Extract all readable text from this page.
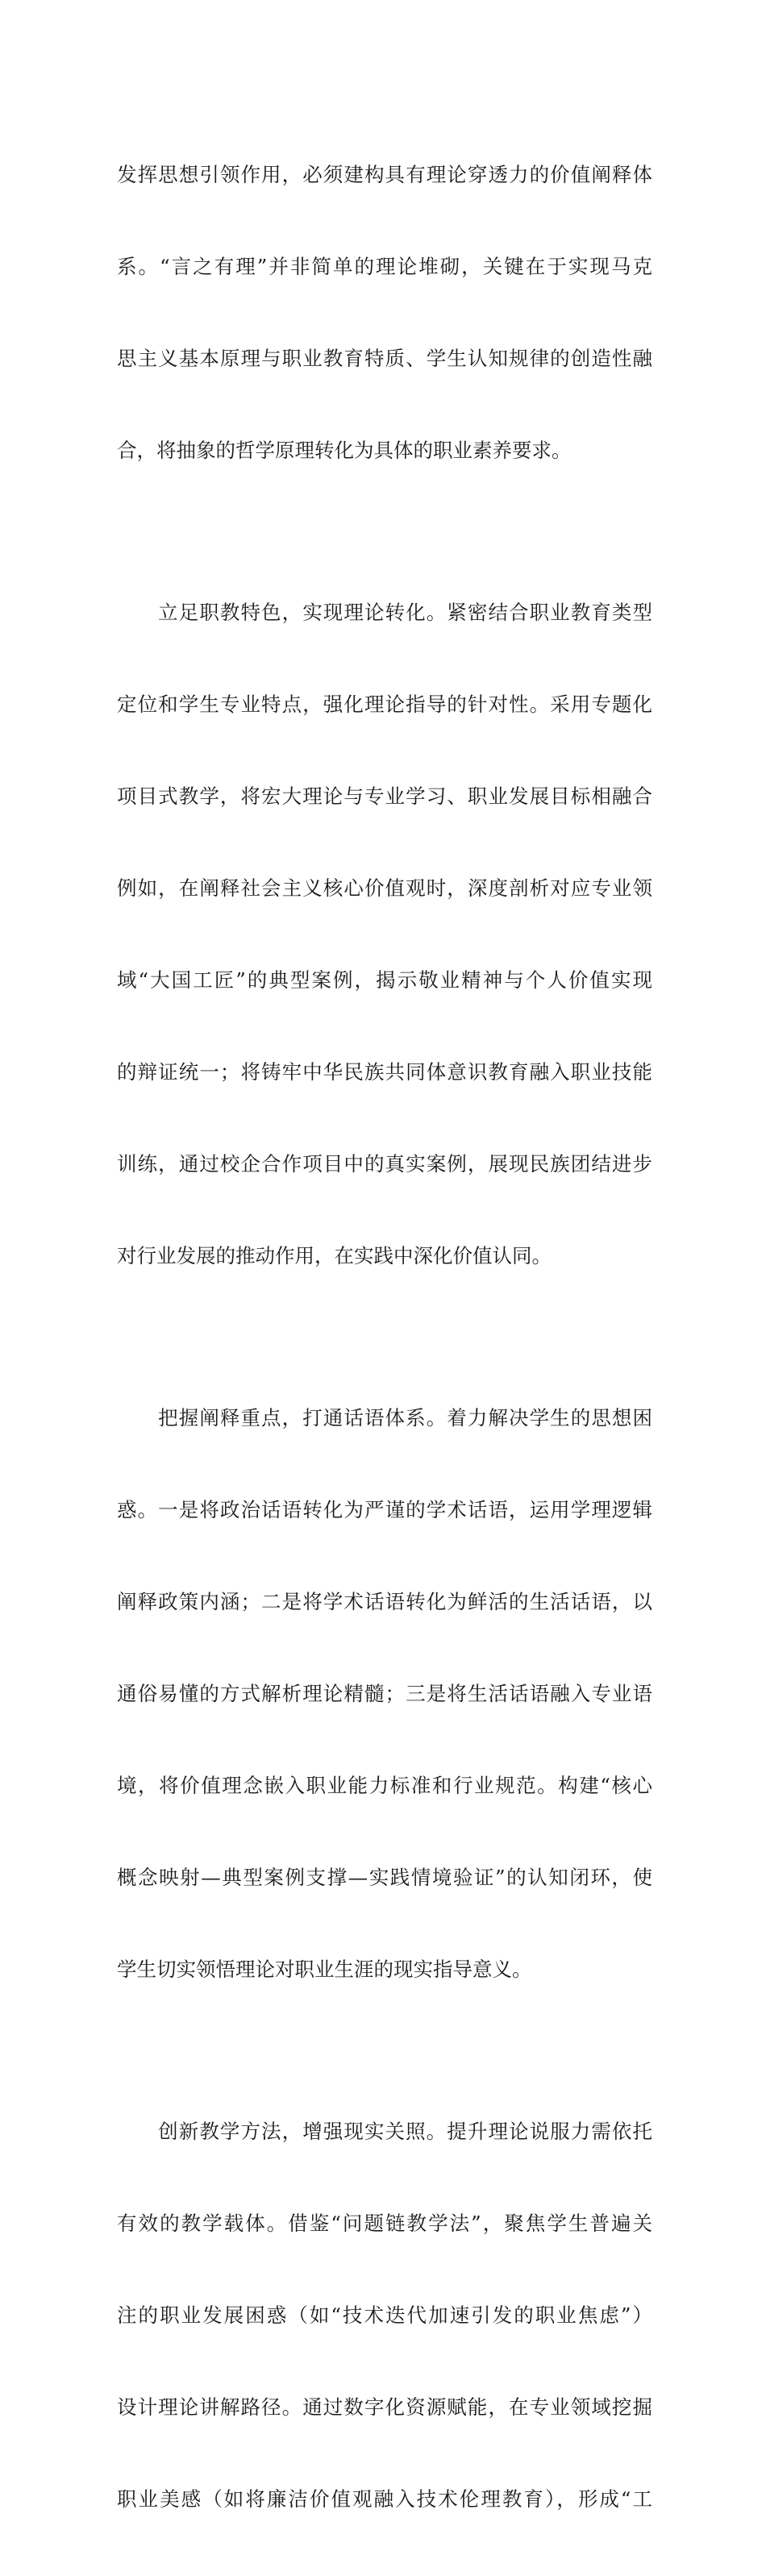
发挥思想引领作用，必须建构具有理论穿透力的价值阐释体

系。“言之有理”并非简单的理论堆砌，关键在于实现马克

思主义基本原理与职业教育特质、学生认知规律的创造性融

合，将抽象的哲学原理转化为具体的职业素养要求。

　　立足职教特色，实现理论转化。紧密结合职业教育类型

定位和学生专业特点，强化理论指导的针对性。采用专题化

项目式教学，将宏大理论与专业学习、职业发展目标相融合

例如，在阐释社会主义核心价值观时，深度剖析对应专业领

域“大国工匠”的典型案例，揭示敬业精神与个人价值实现

的辩证统一；将铸牢中华民族共同体意识教育融入职业技能

训练，通过校企合作项目中的真实案例，展现民族团结进步

对行业发展的推动作用，在实践中深化价值认同。

　　把握阐释重点，打通话语体系。着力解决学生的思想困

惑。一是将政治话语转化为严谨的学术话语，运用学理逻辑

阐释政策内涵；二是将学术话语转化为鲜活的生活话语，以

通俗易懂的方式解析理论精髓；三是将生活话语融入专业语

境，将价值理念嵌入职业能力标准和行业规范。构建“核心

概念映射—典型案例支撑—实践情境验证”的认知闭环，使

学生切实领悟理论对职业生涯的现实指导意义。

　　创新教学方法，增强现实关照。提升理论说服力需依托

有效的教学载体。借鉴“问题链教学法”，聚焦学生普遍关

注的职业发展困惑（如“技术迭代加速引发的职业焦虑”）

设计理论讲解路径。通过数字化资源赋能，在专业领域挖掘

职业美感（如将廉洁价值观融入技术伦理教育），形成“工
